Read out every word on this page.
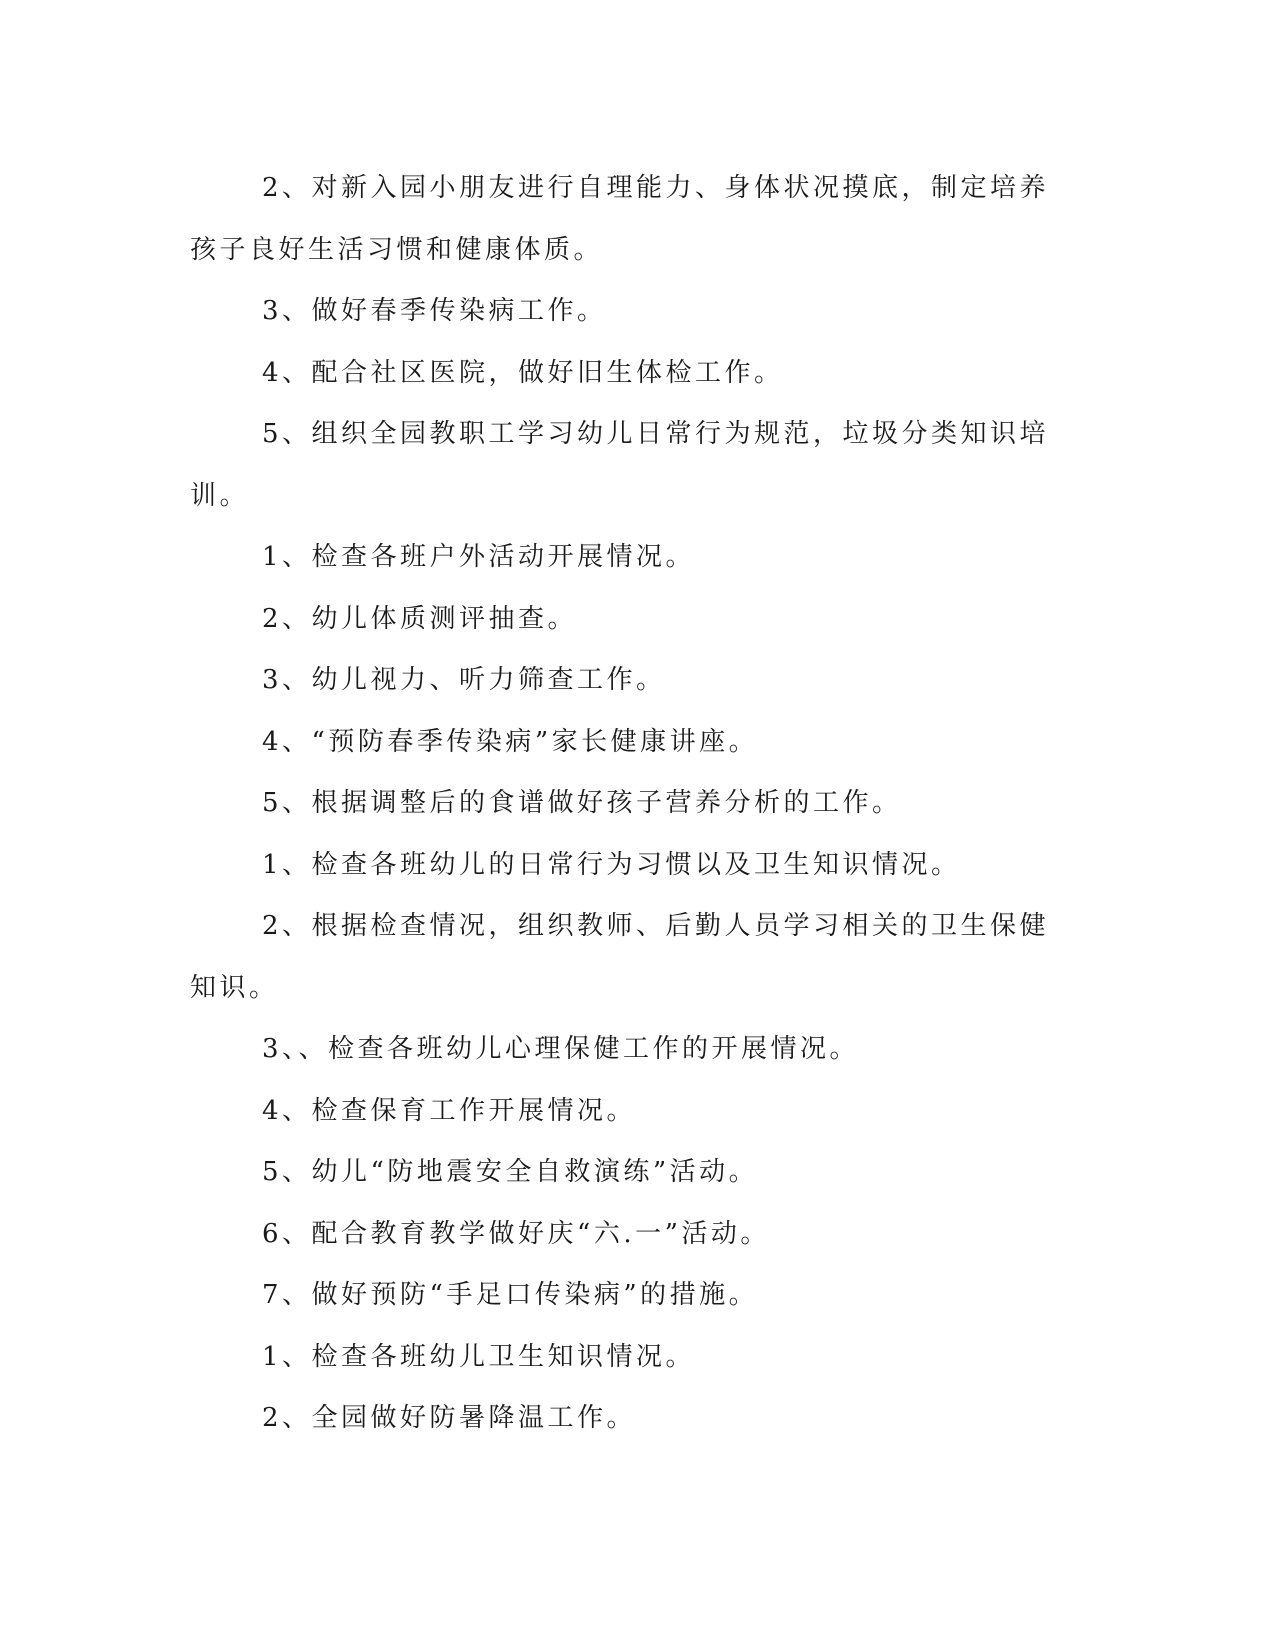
2、对新入园小朋友进行自理能力、身体状况摸底，制定培养孩子良好生活习惯和健康体质。

3、做好春季传染病工作。

4、配合社区医院，做好旧生体检工作。

5、组织全园教职工学习幼儿日常行为规范，垃圾分类知识培训。

1、检查各班户外活动开展情况。

2、幼儿体质测评抽查。

3、幼儿视力、听力筛查工作。

4、“预防春季传染病”家长健康讲座。

5、根据调整后的食谱做好孩子营养分析的工作。

1、检查各班幼儿的日常行为习惯以及卫生知识情况。

2、根据检查情况，组织教师、后勤人员学习相关的卫生保健知识。

3、、检查各班幼儿心理保健工作的开展情况。

4、检查保育工作开展情况。

5、幼儿“防地震安全自救演练”活动。

6、配合教育教学做好庆“六.一”活动。

7、做好预防“手足口传染病”的措施。

1、检查各班幼儿卫生知识情况。

2、全园做好防暑降温工作。
